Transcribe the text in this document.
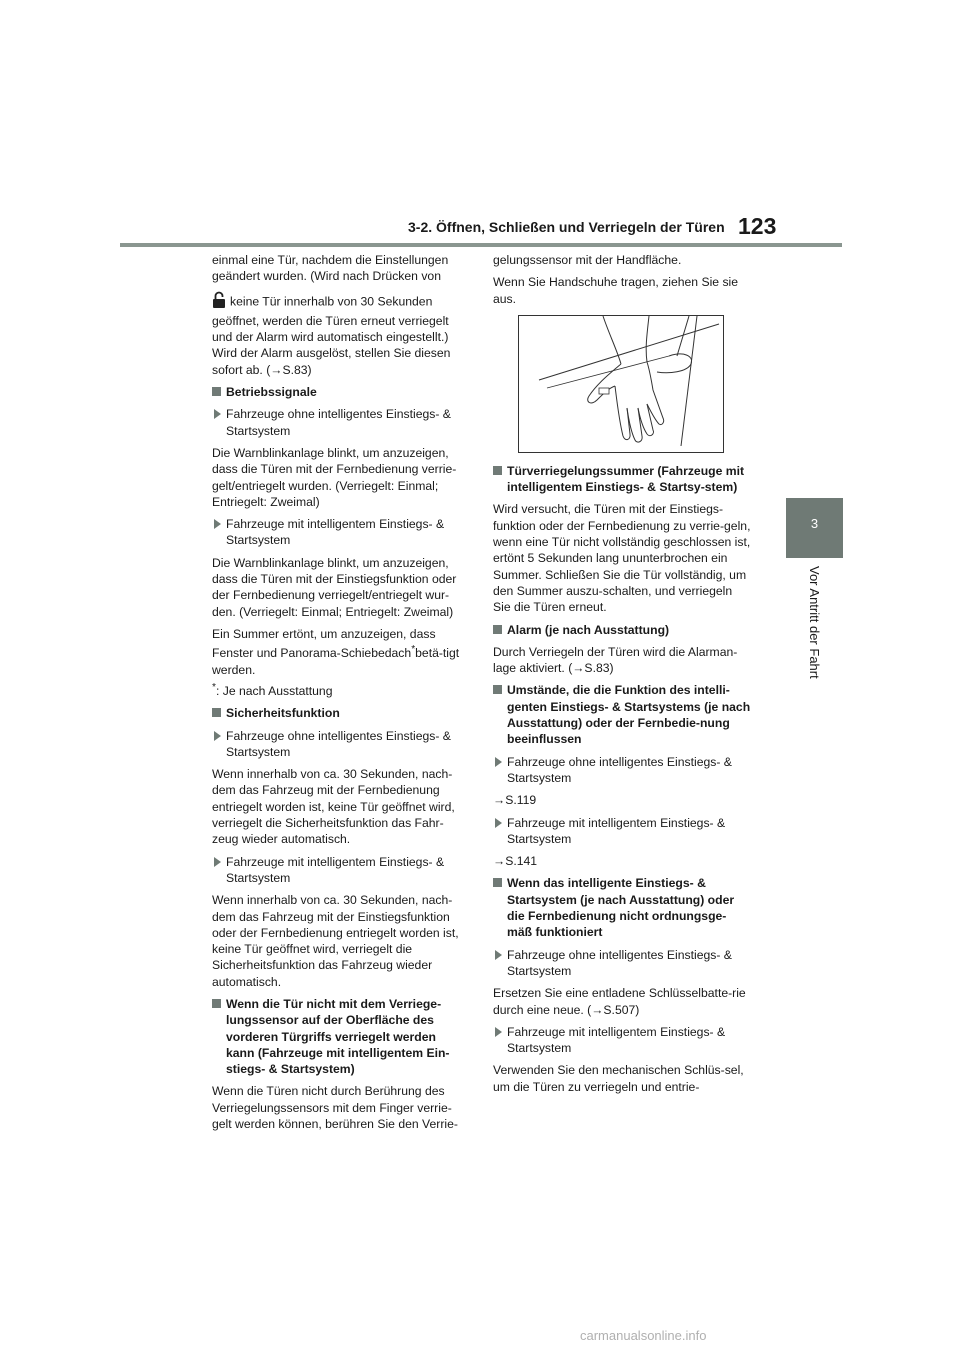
3-2. Öffnen, Schließen und Verriegeln der Türen 123
3
Vor Antritt der Fahrt

einmal eine Tür, nachdem die Einstellungen geändert wurden. (Wird nach Drücken von

keine Tür innerhalb von 30 Sekunden geöffnet, werden die Türen erneut verriegelt und der Alarm wird automatisch eingestellt.) Wird der Alarm ausgelöst, stellen Sie diesen sofort ab. (→S.83)

Betriebssignale
Fahrzeuge ohne intelligentes Einstiegs- & Startsystem

Die Warnblinkanlage blinkt, um anzuzeigen, dass die Türen mit der Fernbedienung verrie-gelt/entriegelt wurden. (Verriegelt: Einmal; Entriegelt: Zweimal)

Fahrzeuge mit intelligentem Einstiegs- & Startsystem

Die Warnblinkanlage blinkt, um anzuzeigen, dass die Türen mit der Einstiegsfunktion oder der Fernbedienung verriegelt/entriegelt wur-den. (Verriegelt: Einmal; Entriegelt: Zweimal)

Ein Summer ertönt, um anzuzeigen, dass Fenster und Panorama-Schiebedach*betä-tigt werden.

*: Je nach Ausstattung

Sicherheitsfunktion
Fahrzeuge ohne intelligentes Einstiegs- & Startsystem

Wenn innerhalb von ca. 30 Sekunden, nach-dem das Fahrzeug mit der Fernbedienung entriegelt worden ist, keine Tür geöffnet wird, verriegelt die Sicherheitsfunktion das Fahr-zeug wieder automatisch.

Fahrzeuge mit intelligentem Einstiegs- & Startsystem

Wenn innerhalb von ca. 30 Sekunden, nach-dem das Fahrzeug mit der Einstiegsfunktion oder der Fernbedienung entriegelt worden ist, keine Tür geöffnet wird, verriegelt die Sicherheitsfunktion das Fahrzeug wieder automatisch.

Wenn die Tür nicht mit dem Verriege-lungssensor auf der Oberfläche des vorderen Türgriffs verriegelt werden kann (Fahrzeuge mit intelligentem Ein-stiegs- & Startsystem)

Wenn die Türen nicht durch Berührung des Verriegelungssensors mit dem Finger verrie-gelt werden können, berühren Sie den Verrie-

gelungssensor mit der Handfläche.

Wenn Sie Handschuhe tragen, ziehen Sie sie aus.

Türverriegelungssummer (Fahrzeuge mit intelligentem Einstiegs- & Startsy-stem)

Wird versucht, die Türen mit der Einstiegs-funktion oder der Fernbedienung zu verrie-geln, wenn eine Tür nicht vollständig geschlossen ist, ertönt 5 Sekunden lang ununterbrochen ein Summer. Schließen Sie die Tür vollständig, um den Summer auszu-schalten, und verriegeln Sie die Türen erneut.

Alarm (je nach Ausstattung)

Durch Verriegeln der Türen wird die Alarman-lage aktiviert. (→S.83)

Umstände, die die Funktion des intelli-genten Einstiegs- & Startsystems (je nach Ausstattung) oder der Fernbedie-nung beeinflussen
Fahrzeuge ohne intelligentes Einstiegs- & Startsystem

→S.119

Fahrzeuge mit intelligentem Einstiegs- & Startsystem

→S.141

Wenn das intelligente Einstiegs- & Startsystem (je nach Ausstattung) oder die Fernbedienung nicht ordnungsge-mäß funktioniert
Fahrzeuge ohne intelligentes Einstiegs- & Startsystem

Ersetzen Sie eine entladene Schlüsselbatte-rie durch eine neue. (→S.507)

Fahrzeuge mit intelligentem Einstiegs- & Startsystem

Verwenden Sie den mechanischen Schlüs-sel, um die Türen zu verriegeln und entrie-

carmanualsonline.info
